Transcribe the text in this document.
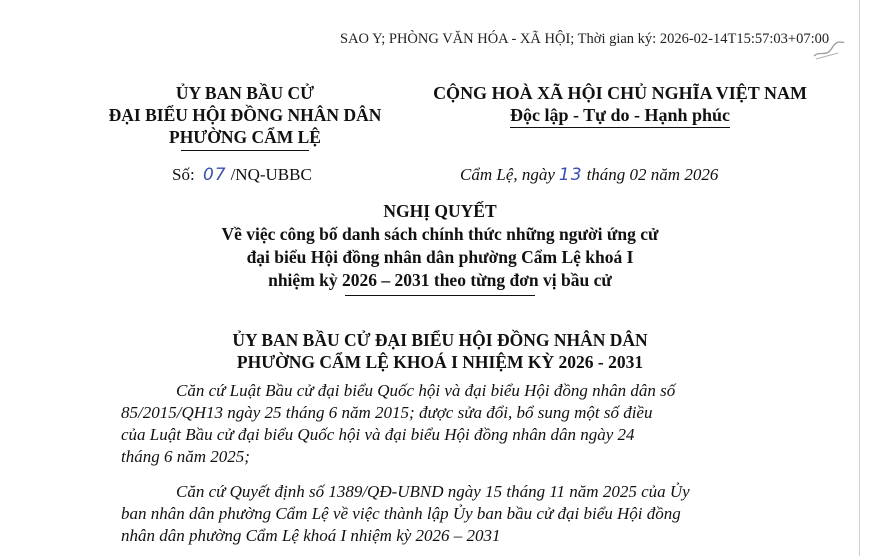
SAO Y; PHÒNG VĂN HÓA - XÃ HỘI; Thời gian ký: 2026-02-14T15:57:03+07:00
ỦY BAN BẦU CỬ
ĐẠI BIỂU HỘI ĐỒNG NHÂN DÂN
PHƯỜNG CẨM LỆ
CỘNG HOÀ XÃ HỘI CHỦ NGHĨA VIỆT NAM
Độc lập - Tự do - Hạnh phúc
Số: 07 /NQ-UBBC	Cẩm Lệ, ngày 13 tháng 02 năm 2026
NGHỊ QUYẾT
Về việc công bố danh sách chính thức những người ứng cử
đại biểu Hội đồng nhân dân phường Cẩm Lệ khoá I
nhiệm kỳ 2026 – 2031 theo từng đơn vị bầu cử
ỦY BAN BẦU CỬ ĐẠI BIỂU HỘI ĐỒNG NHÂN DÂN
PHƯỜNG CẨM LỆ KHOÁ I NHIỆM KỲ 2026 - 2031
Căn cứ Luật Bầu cử đại biểu Quốc hội và đại biểu Hội đồng nhân dân số
85/2015/QH13 ngày 25 tháng 6 năm 2015; được sửa đổi, bổ sung một số điều
của Luật Bầu cử đại biểu Quốc hội và đại biểu Hội đồng nhân dân ngày 24
tháng 6 năm 2025;
Căn cứ Quyết định số 1389/QĐ-UBND ngày 15 tháng 11 năm 2025 của Ủy
ban nhân dân phường Cẩm Lệ về việc thành lập Ủy ban bầu cử đại biểu Hội đồng
nhân dân phường Cẩm Lệ khoá I nhiệm kỳ 2026 – 2031
